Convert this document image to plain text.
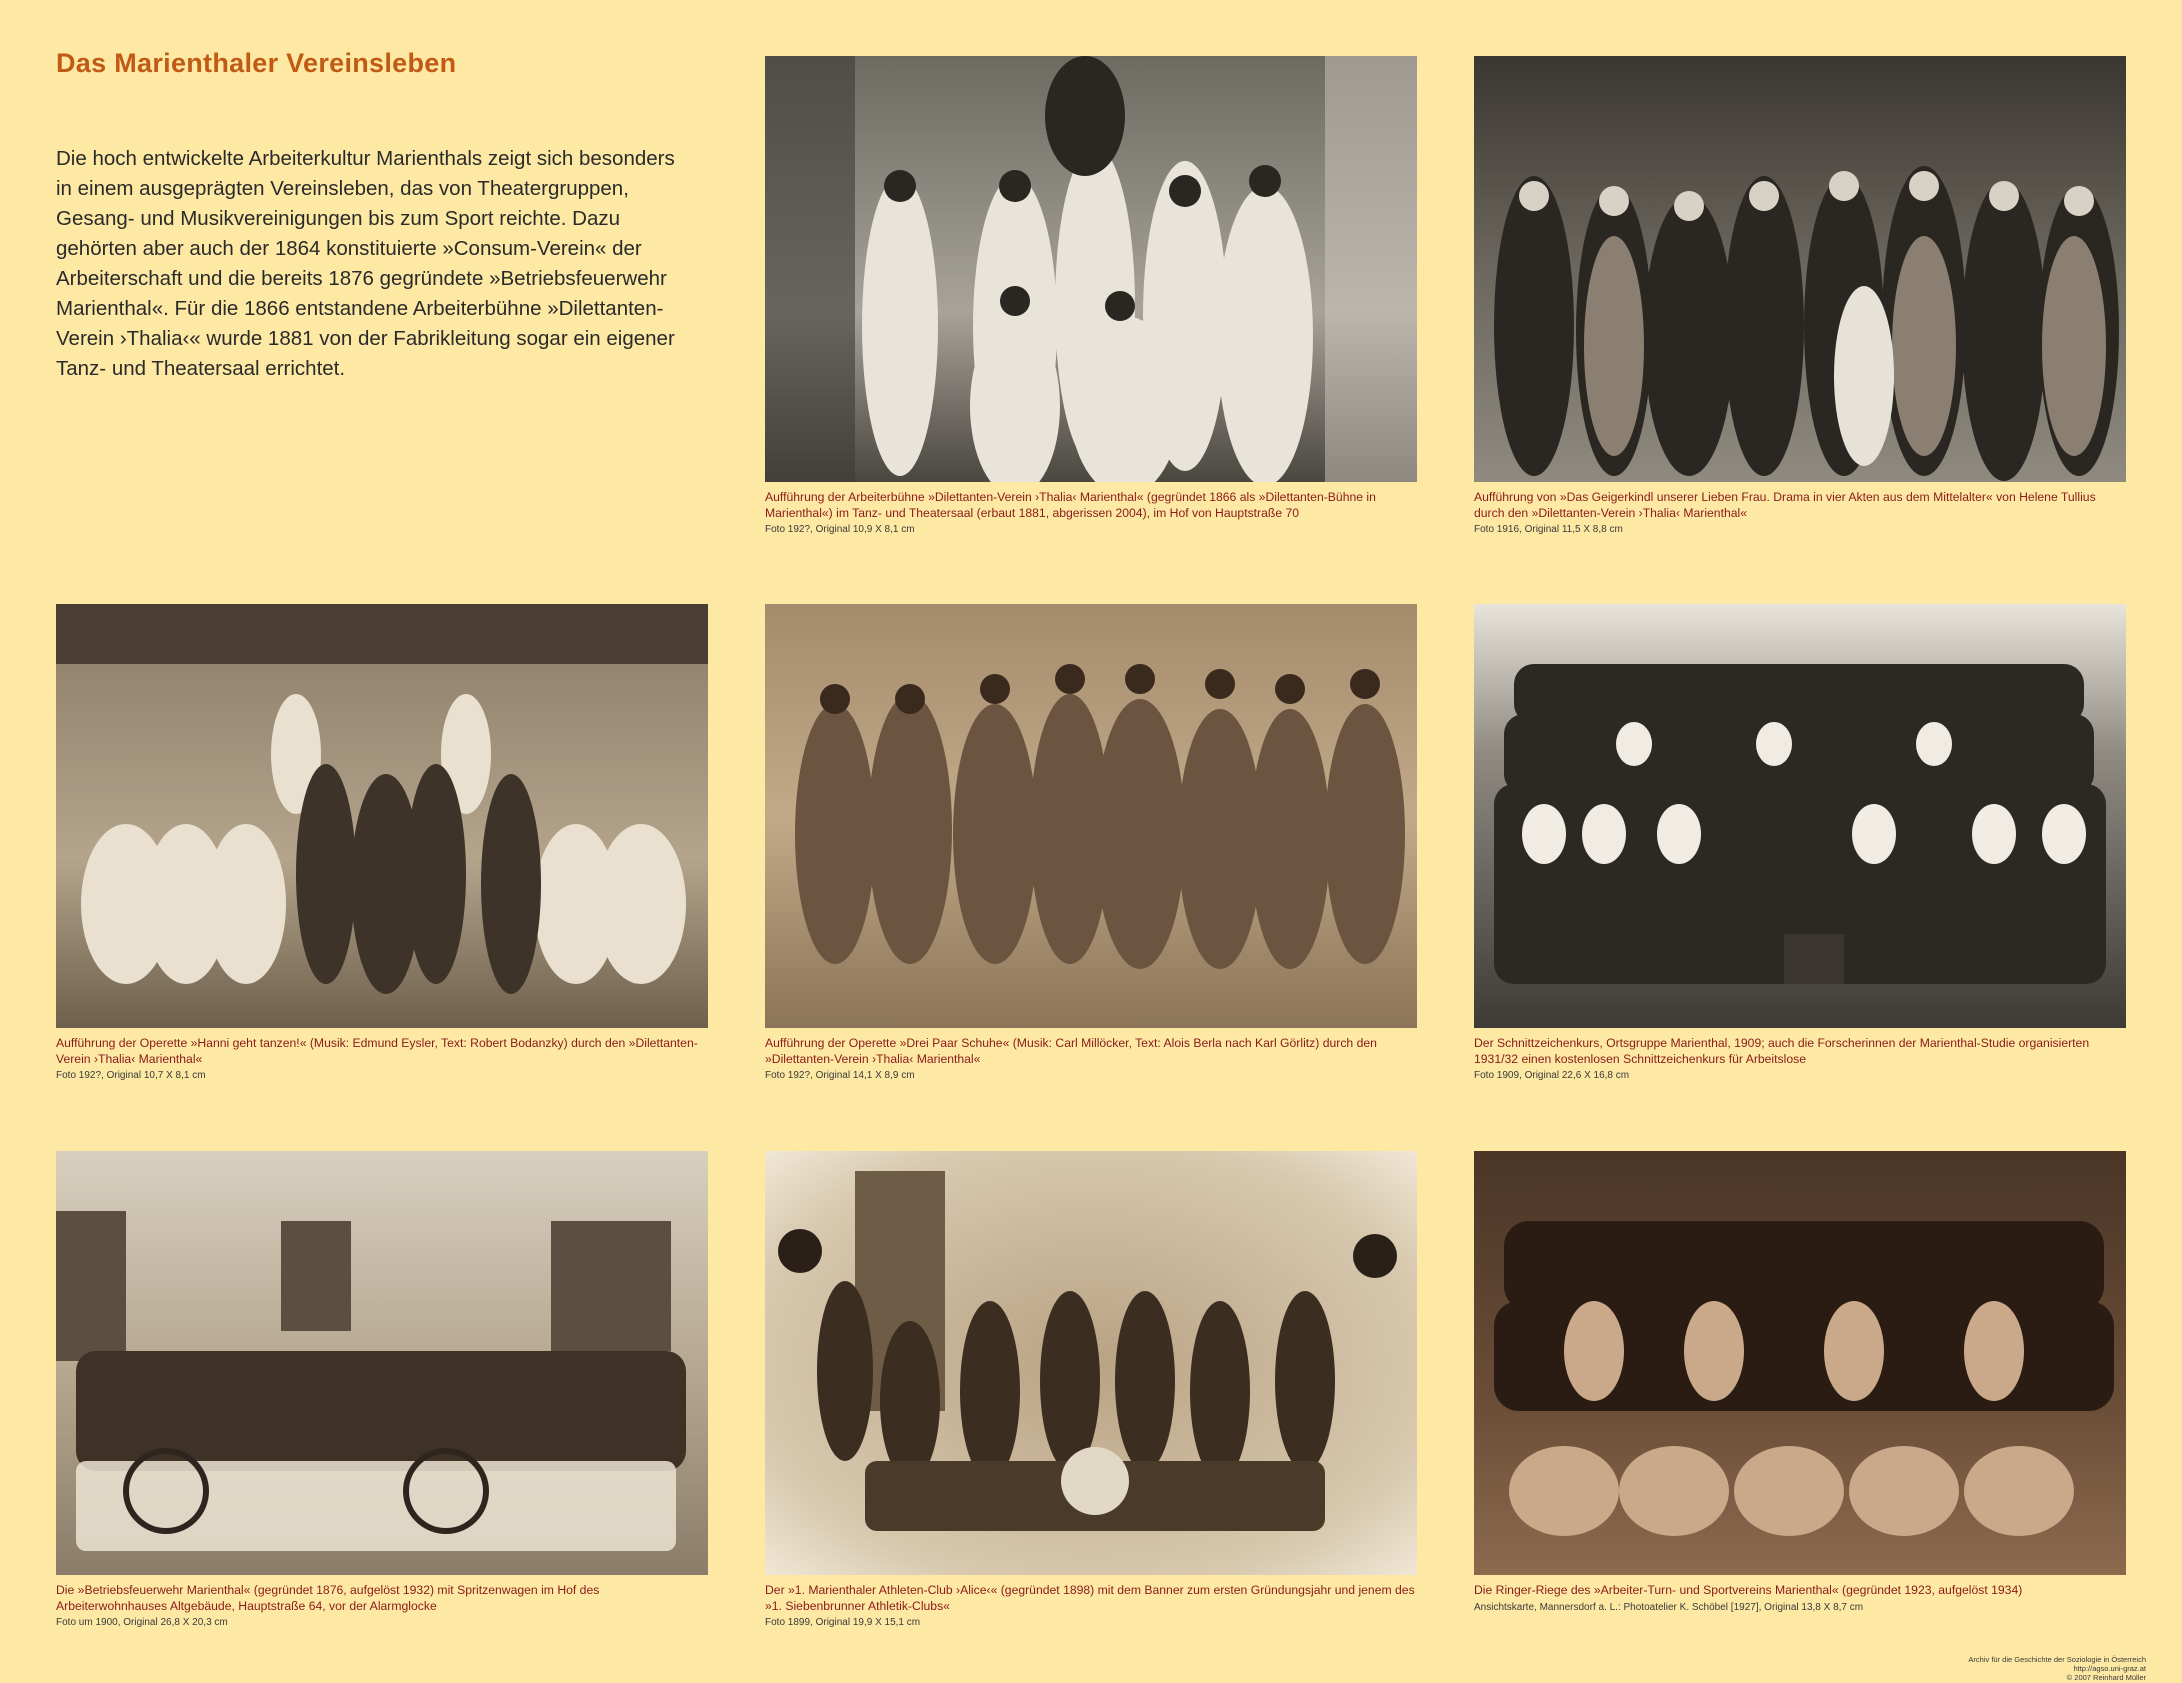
Das Marienthaler Vereinsleben

Die hoch entwickelte Arbeiterkultur Marienthals zeigt sich besonders in einem ausgeprägten Vereinsleben, das von Theatergruppen, Gesang- und Musikvereinigungen bis zum Sport reichte. Dazu gehörten aber auch der 1864 konstituierte »Consum-Verein« der Arbeiterschaft und die bereits 1876 gegründete »Betriebsfeuerwehr Marienthal«. Für die 1866 entstandene Arbeiterbühne »Dilettanten-Verein ›Thalia‹« wurde 1881 von der Fabrikleitung sogar ein eigener Tanz- und Theatersaal errichtet.

Aufführung der Arbeiterbühne »Dilettanten-Verein ›Thalia‹ Marienthal« (gegründet 1866 als »Dilettanten-Bühne in Marienthal«) im Tanz- und Theatersaal (erbaut 1881, abgerissen 2004), im Hof von Hauptstraße 70
Foto 192?, Original 10,9 X 8,1 cm
Aufführung von »Das Geigerkindl unserer Lieben Frau. Drama in vier Akten aus dem Mittelalter« von Helene Tullius durch den »Dilettanten-Verein ›Thalia‹ Marienthal«
Foto 1916, Original 11,5 X 8,8 cm
Aufführung der Operette »Hanni geht tanzen!« (Musik: Edmund Eysler, Text: Robert Bodanzky) durch den »Dilettanten-Verein ›Thalia‹ Marienthal«
Foto 192?, Original 10,7 X 8,1 cm
Aufführung der Operette »Drei Paar Schuhe« (Musik: Carl Millöcker, Text: Alois Berla nach Karl Görlitz) durch den »Dilettanten-Verein ›Thalia‹ Marienthal«
Foto 192?, Original 14,1 X 8,9 cm
Der Schnittzeichenkurs, Ortsgruppe Marienthal, 1909; auch die Forscherinnen der Marienthal-Studie organisierten 1931/32 einen kostenlosen Schnittzeichenkurs für Arbeitslose
Foto 1909, Original 22,6 X 16,8 cm
Die »Betriebsfeuerwehr Marienthal« (gegründet 1876, aufgelöst 1932) mit Spritzenwagen im Hof des Arbeiterwohnhauses Altgebäude, Hauptstraße 64, vor der Alarmglocke
Foto um 1900, Original 26,8 X 20,3 cm
Der »1. Marienthaler Athleten-Club ›Alice‹« (gegründet 1898) mit dem Banner zum ersten Gründungsjahr und jenem des »1. Siebenbrunner Athletik-Clubs«
Foto 1899, Original 19,9 X 15,1 cm
Die Ringer-Riege des »Arbeiter-Turn- und Sportvereins Marienthal« (gegründet 1923, aufgelöst 1934)
Ansichtskarte, Mannersdorf a. L.: Photoatelier K. Schöbel [1927], Original 13,8 X 8,7 cm
Archiv für die Geschichte der Soziologie in Österreich
http://agso.uni-graz.at
© 2007 Reinhard Müller
